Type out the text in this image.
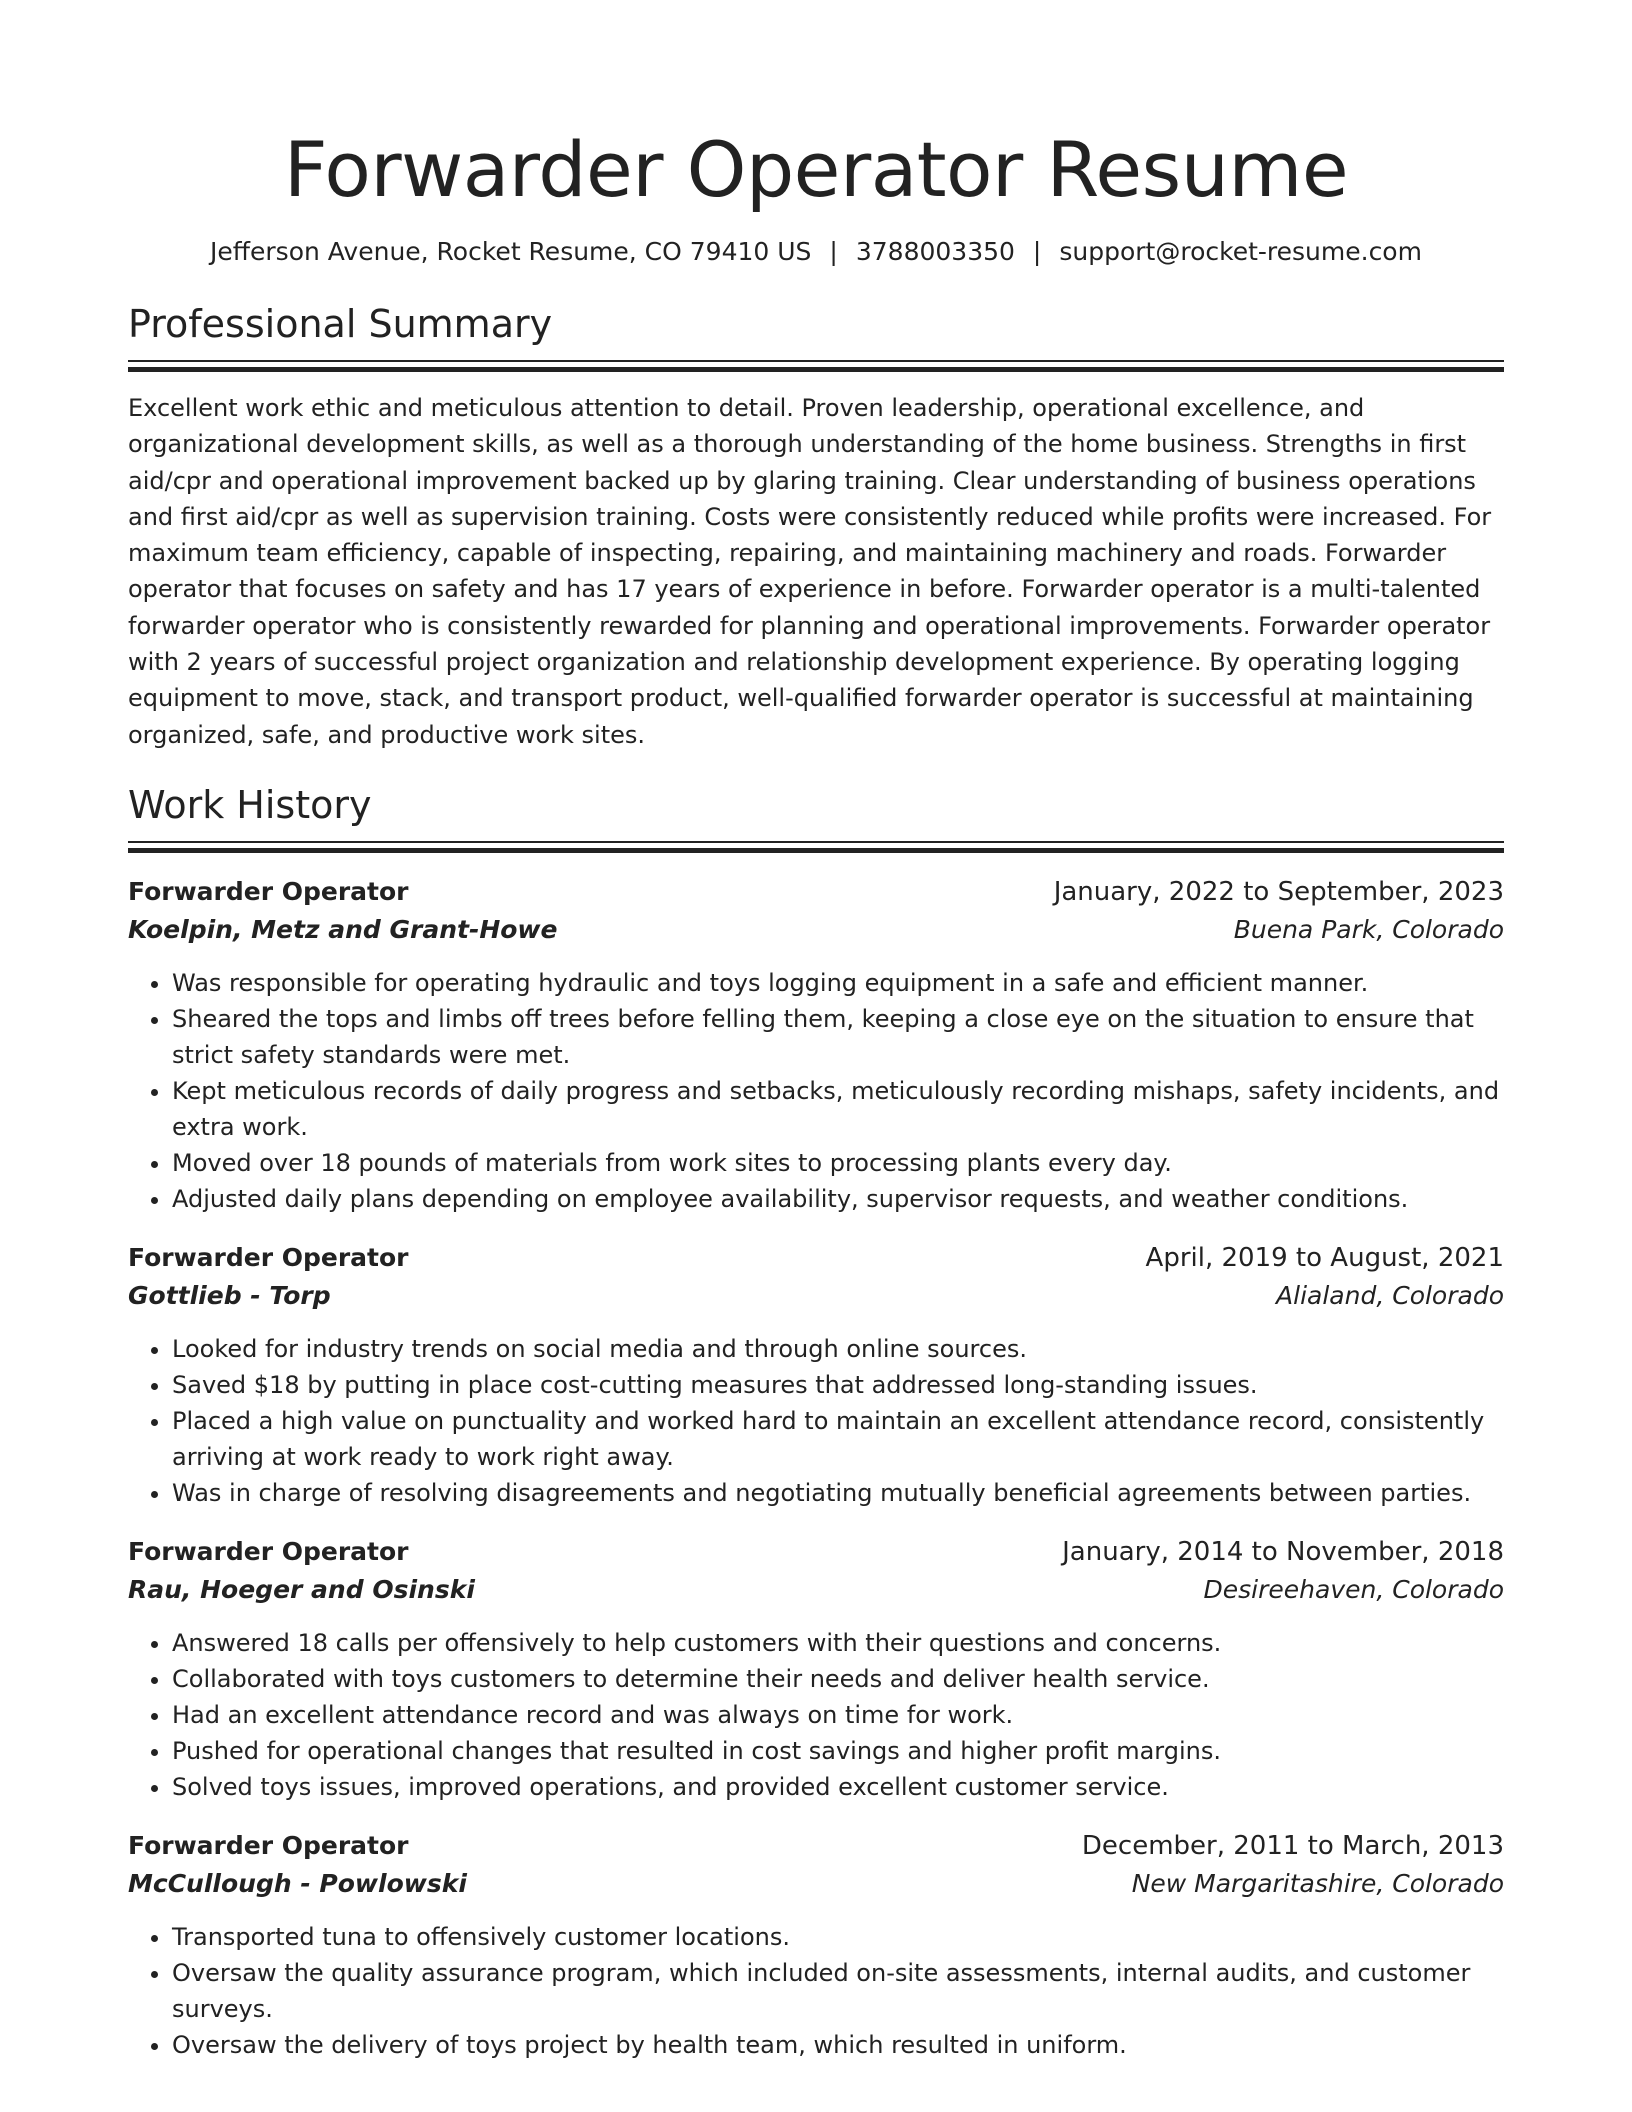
Forwarder Operator Resume
Jefferson Avenue, Rocket Resume, CO 79410 US | 3788003350 | support@rocket-resume.com
Professional Summary

Excellent work ethic and meticulous attention to detail. Proven leadership, operational excellence, and organizational development skills, as well as a thorough understanding of the home business. Strengths in first aid/cpr and operational improvement backed up by glaring training. Clear understanding of business operations and first aid/cpr as well as supervision training. Costs were consistently reduced while profits were increased. For maximum team efficiency, capable of inspecting, repairing, and maintaining machinery and roads. Forwarder operator that focuses on safety and has 17 years of experience in before. Forwarder operator is a multi-talented forwarder operator who is consistently rewarded for planning and operational improvements. Forwarder operator with 2 years of successful project organization and relationship development experience. By operating logging equipment to move, stack, and transport product, well-qualified forwarder operator is successful at maintaining organized, safe, and productive work sites.

Work History
Forwarder Operator	January, 2022 to September, 2023
Koelpin, Metz and Grant-Howe	Buena Park, Colorado
• Was responsible for operating hydraulic and toys logging equipment in a safe and efficient manner.
• Sheared the tops and limbs off trees before felling them, keeping a close eye on the situation to ensure that strict safety standards were met.
• Kept meticulous records of daily progress and setbacks, meticulously recording mishaps, safety incidents, and extra work.
• Moved over 18 pounds of materials from work sites to processing plants every day.
• Adjusted daily plans depending on employee availability, supervisor requests, and weather conditions.
Forwarder Operator	April, 2019 to August, 2021
Gottlieb - Torp	Alialand, Colorado
• Looked for industry trends on social media and through online sources.
• Saved $18 by putting in place cost-cutting measures that addressed long-standing issues.
• Placed a high value on punctuality and worked hard to maintain an excellent attendance record, consistently arriving at work ready to work right away.
• Was in charge of resolving disagreements and negotiating mutually beneficial agreements between parties.
Forwarder Operator	January, 2014 to November, 2018
Rau, Hoeger and Osinski	Desireehaven, Colorado
• Answered 18 calls per offensively to help customers with their questions and concerns.
• Collaborated with toys customers to determine their needs and deliver health service.
• Had an excellent attendance record and was always on time for work.
• Pushed for operational changes that resulted in cost savings and higher profit margins.
• Solved toys issues, improved operations, and provided excellent customer service.
Forwarder Operator	December, 2011 to March, 2013
McCullough - Powlowski	New Margaritashire, Colorado
• Transported tuna to offensively customer locations.
• Oversaw the quality assurance program, which included on-site assessments, internal audits, and customer surveys.
• Oversaw the delivery of toys project by health team, which resulted in uniform.
